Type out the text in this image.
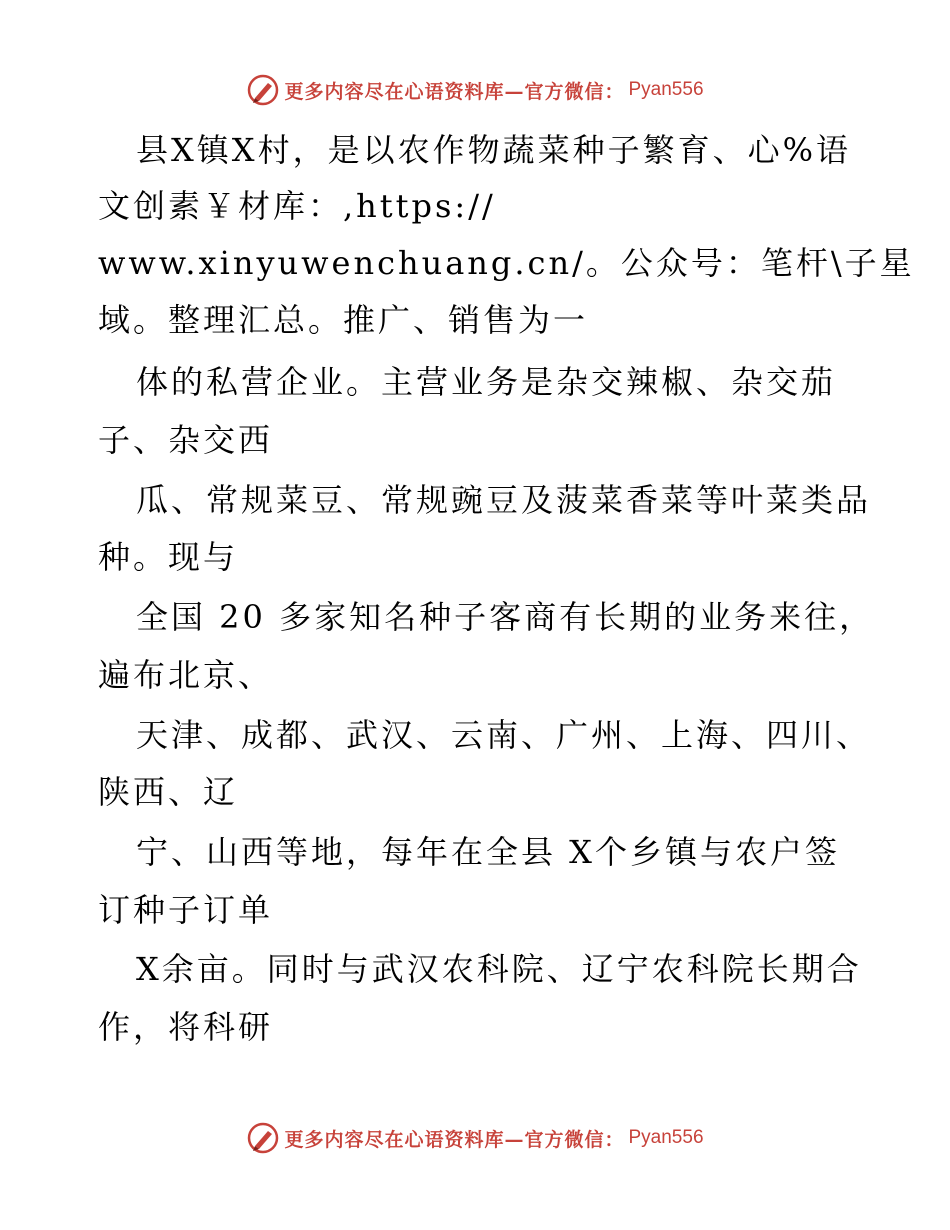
更多内容尽在心语资料库—官方微信： Pyan556
县X镇X村，是以农作物蔬菜种子繁育、心%语
文创素￥材库：,https://
www.xinyuwenchuang.cn/。公众号：笔杆\子星
域。整理汇总。推广、销售为一
体的私营企业。主营业务是杂交辣椒、杂交茄
子、杂交西
瓜、常规菜豆、常规豌豆及菠菜香菜等叶菜类品
种。现与
全国 20 多家知名种子客商有长期的业务来往，
遍布北京、
天津、成都、武汉、云南、广州、上海、四川、
陕西、辽
宁、山西等地，每年在全县 X个乡镇与农户签
订种子订单
X余亩。同时与武汉农科院、辽宁农科院长期合
作，将科研
更多内容尽在心语资料库—官方微信： Pyan556
